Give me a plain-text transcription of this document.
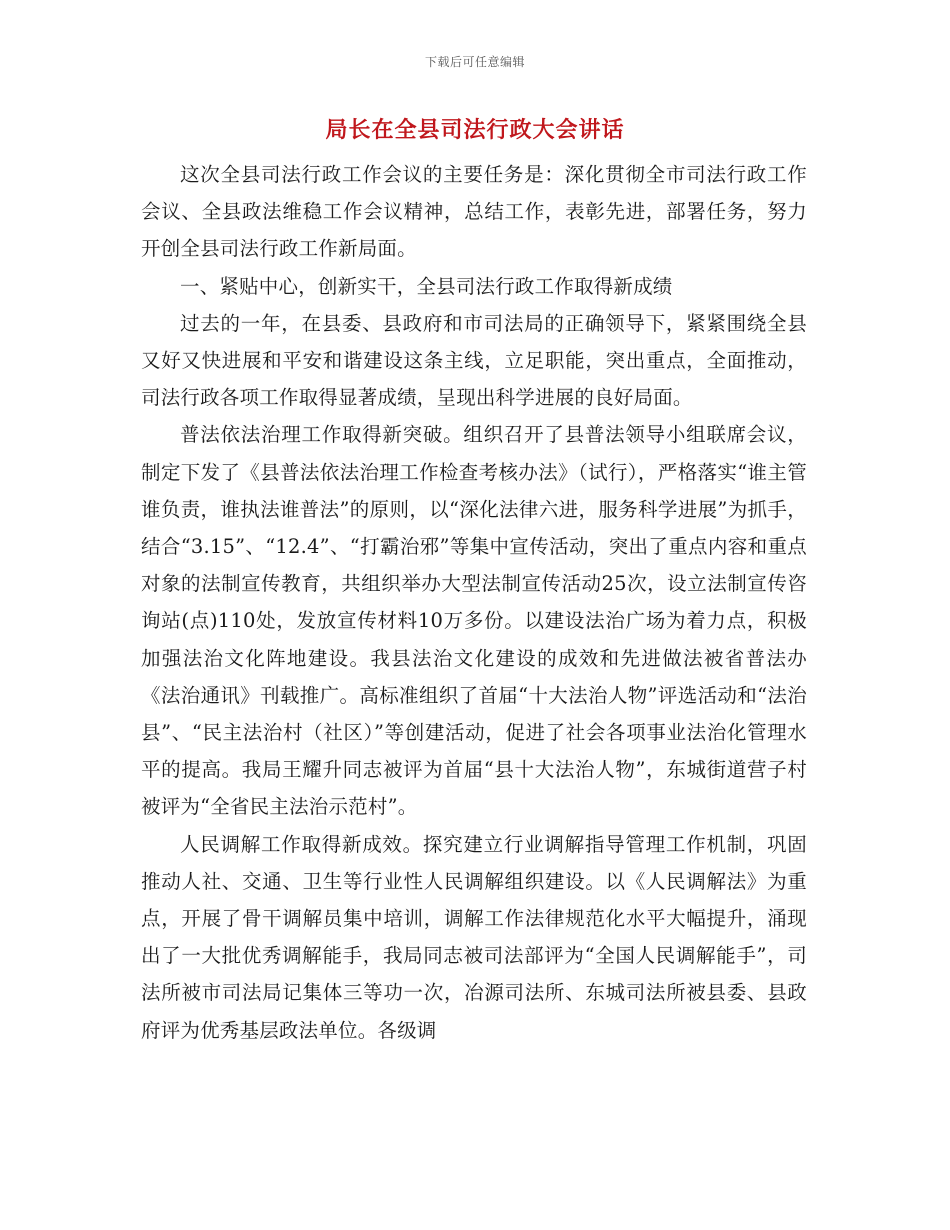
下载后可任意编辑
局长在全县司法行政大会讲话

这次全县司法行政工作会议的主要任务是：深化贯彻全市司法行政工作会议、全县政法维稳工作会议精神，总结工作，表彰先进，部署任务，努力开创全县司法行政工作新局面。

一、紧贴中心，创新实干，全县司法行政工作取得新成绩

过去的一年，在县委、县政府和市司法局的正确领导下，紧紧围绕全县又好又快进展和平安和谐建设这条主线，立足职能，突出重点，全面推动，司法行政各项工作取得显著成绩，呈现出科学进展的良好局面。

普法依法治理工作取得新突破。组织召开了县普法领导小组联席会议，制定下发了《县普法依法治理工作检查考核办法》（试行），严格落实“谁主管谁负责，谁执法谁普法”的原则，以“深化法律六进，服务科学进展”为抓手，结合“3.15”、“12.4”、“打霸治邪”等集中宣传活动，突出了重点内容和重点对象的法制宣传教育，共组织举办大型法制宣传活动25次，设立法制宣传咨询站(点)110处，发放宣传材料10万多份。以建设法治广场为着力点，积极加强法治文化阵地建设。我县法治文化建设的成效和先进做法被省普法办《法治通讯》刊载推广。高标准组织了首届“十大法治人物”评选活动和“法治县”、“民主法治村（社区）”等创建活动，促进了社会各项事业法治化管理水平的提高。我局王耀升同志被评为首届“县十大法治人物”，东城街道营子村被评为“全省民主法治示范村”。

人民调解工作取得新成效。探究建立行业调解指导管理工作机制，巩固推动人社、交通、卫生等行业性人民调解组织建设。以《人民调解法》为重点，开展了骨干调解员集中培训，调解工作法律规范化水平大幅提升，涌现出了一大批优秀调解能手，我局同志被司法部评为“全国人民调解能手”，司法所被市司法局记集体三等功一次，冶源司法所、东城司法所被县委、县政府评为优秀基层政法单位。各级调
